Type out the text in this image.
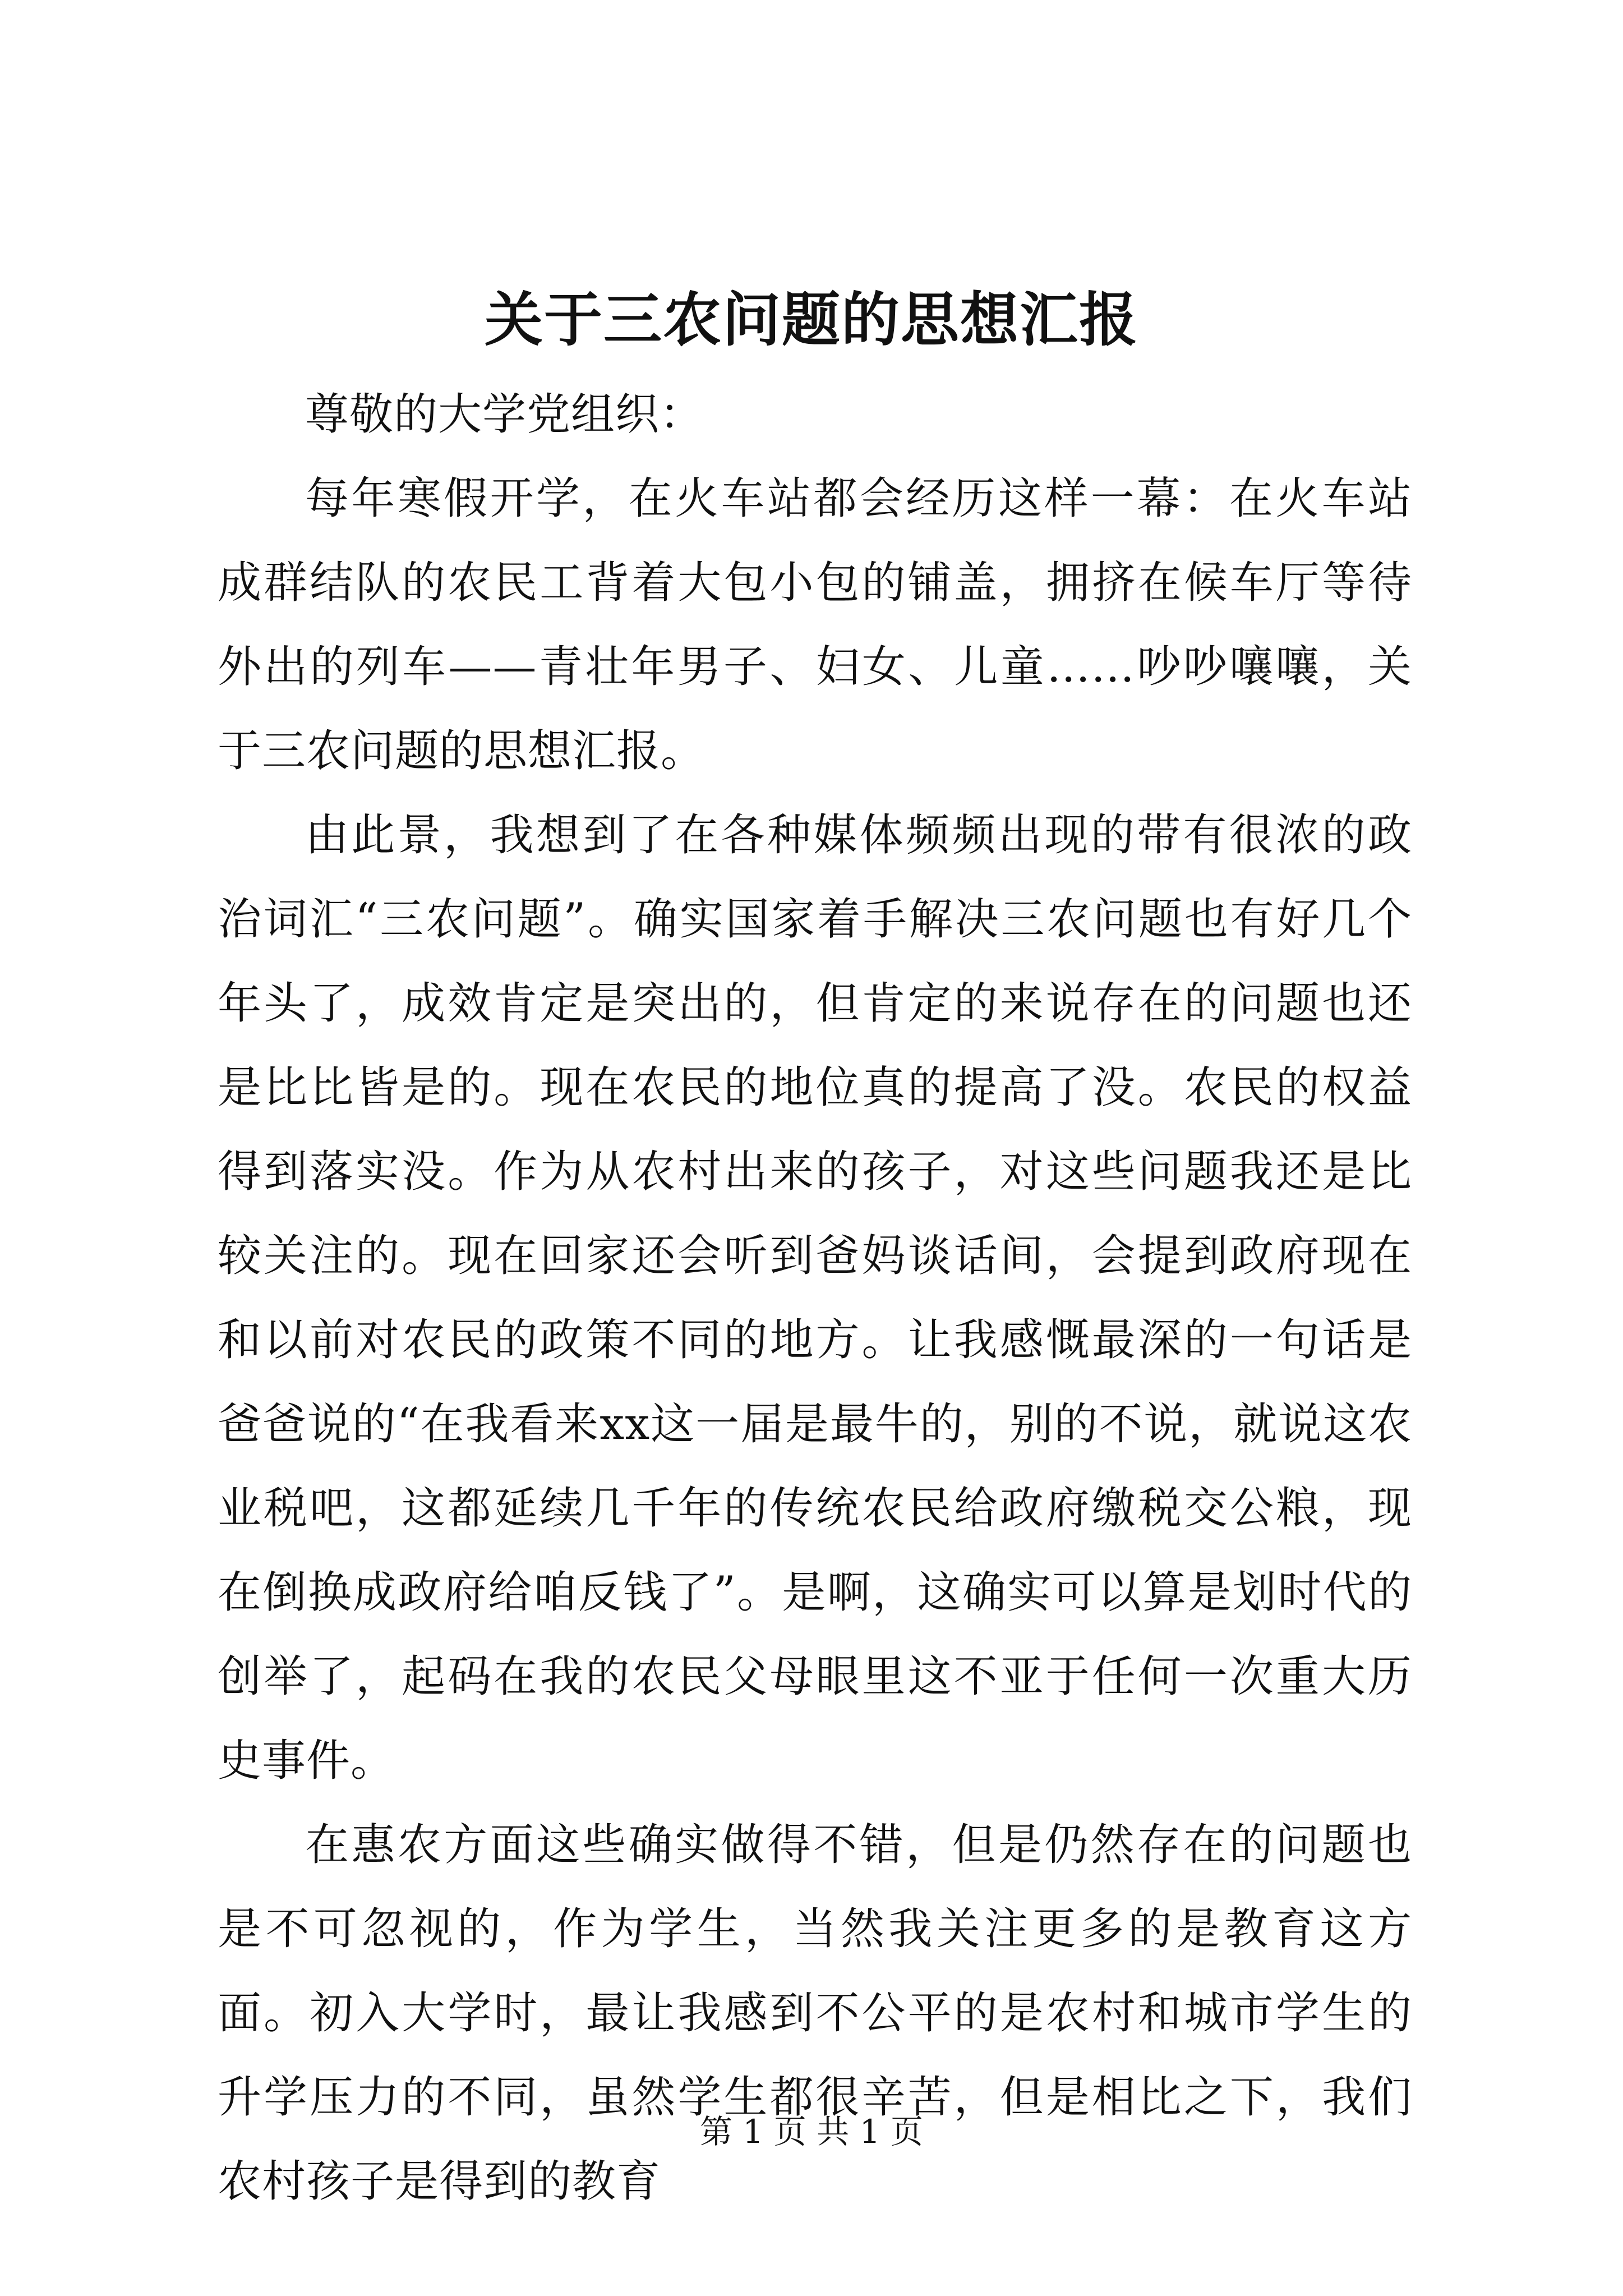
关于三农问题的思想汇报

尊敬的大学党组织：

每年寒假开学，在火车站都会经历这样一幕：在火车站成群结队的农民工背着大包小包的铺盖，拥挤在候车厅等待外出的列车——青壮年男子、妇女、儿童……吵吵嚷嚷，关于三农问题的思想汇报。

由此景，我想到了在各种媒体频频出现的带有很浓的政治词汇“三农问题”。确实国家着手解决三农问题也有好几个年头了，成效肯定是突出的，但肯定的来说存在的问题也还是比比皆是的。现在农民的地位真的提高了没。农民的权益得到落实没。作为从农村出来的孩子，对这些问题我还是比较关注的。现在回家还会听到爸妈谈话间，会提到政府现在和以前对农民的政策不同的地方。让我感慨最深的一句话是爸爸说的“在我看来xx这一届是最牛的，别的不说，就说这农业税吧，这都延续几千年的传统农民给政府缴税交公粮，现在倒换成政府给咱反钱了”。是啊，这确实可以算是划时代的创举了，起码在我的农民父母眼里这不亚于任何一次重大历史事件。

在惠农方面这些确实做得不错，但是仍然存在的问题也是不可忽视的，作为学生，当然我关注更多的是教育这方面。初入大学时，最让我感到不公平的是农村和城市学生的升学压力的不同，虽然学生都很辛苦，但是相比之下，我们农村孩子是得到的教育

第 1 页 共 1 页
